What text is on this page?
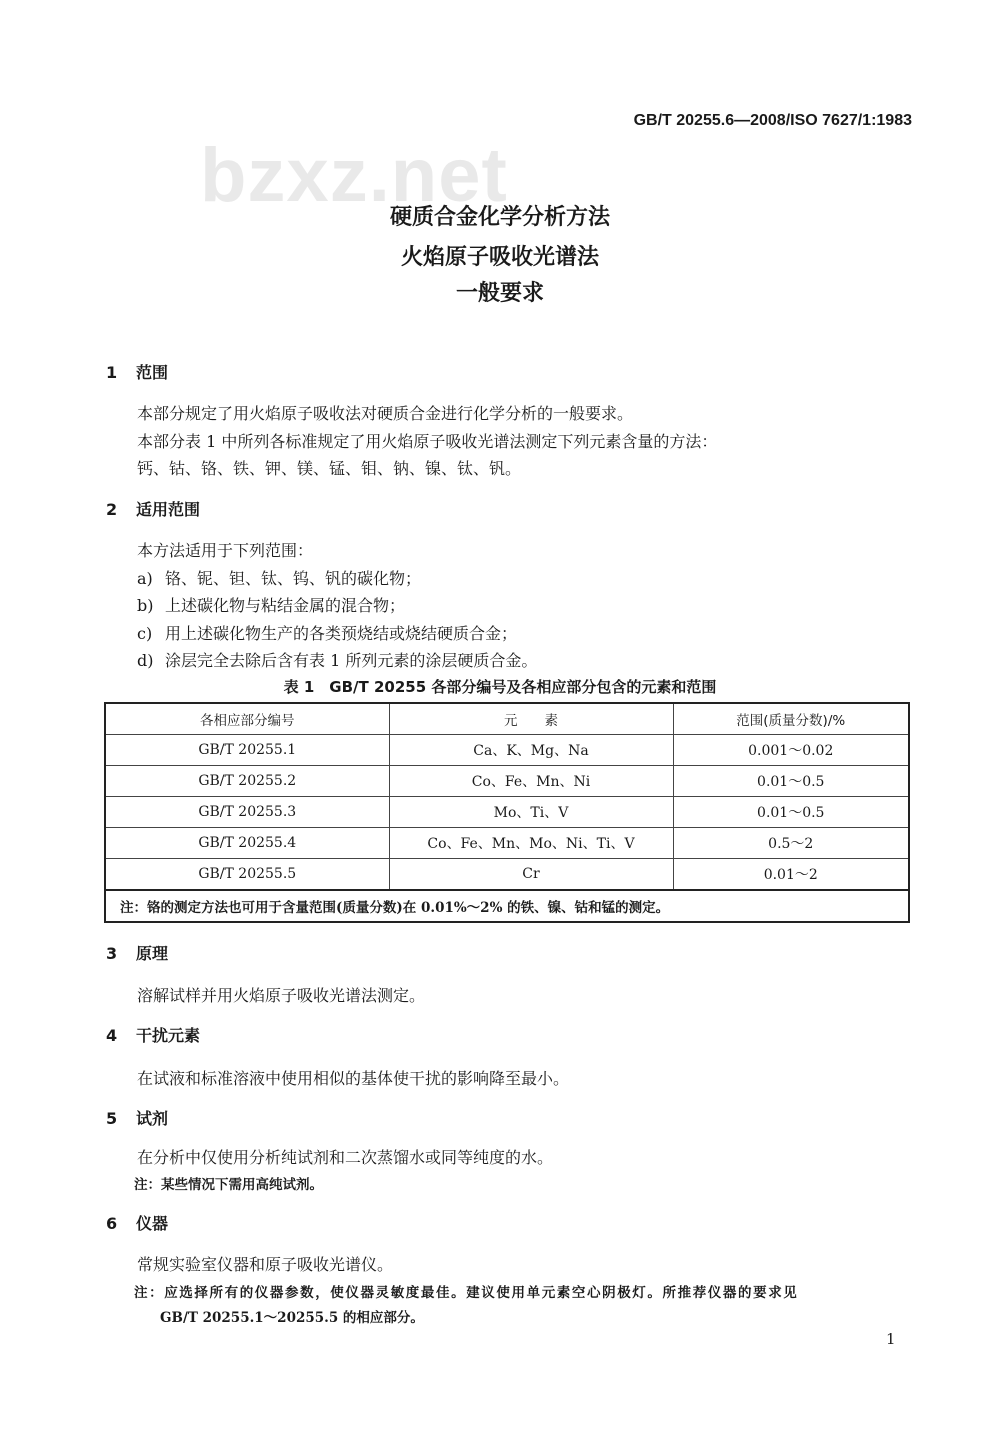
GB/T 20255.6—2008/ISO 7627/1:1983
bzxz.net
硬质合金化学分析方法
火焰原子吸收光谱法
一般要求
1 范围
本部分规定了用火焰原子吸收法对硬质合金进行化学分析的一般要求。
本部分表 1 中所列各标准规定了用火焰原子吸收光谱法测定下列元素含量的方法：
钙、钴、铬、铁、钾、镁、锰、钼、钠、镍、钛、钒。
2 适用范围
本方法适用于下列范围：
a) 铬、铌、钽、钛、钨、钒的碳化物；
b) 上述碳化物与粘结金属的混合物；
c) 用上述碳化物生产的各类预烧结或烧结硬质合金；
d) 涂层完全去除后含有表 1 所列元素的涂层硬质合金。
表 1　GB/T 20255 各部分编号及各相应部分包含的元素和范围
各相应部分编号	元　　素	范围(质量分数)/%
GB/T 20255.1	Ca、K、Mg、Na	0.001～0.02
GB/T 20255.2	Co、Fe、Mn、Ni	0.01～0.5
GB/T 20255.3	Mo、Ti、V	0.01～0.5
GB/T 20255.4	Co、Fe、Mn、Mo、Ni、Ti、V	0.5～2
GB/T 20255.5	Cr	0.01～2
注：铬的测定方法也可用于含量范围(质量分数)在 0.01%～2% 的铁、镍、钴和锰的测定。		
3 原理
溶解试样并用火焰原子吸收光谱法测定。
4 干扰元素
在试液和标准溶液中使用相似的基体使干扰的影响降至最小。
5 试剂
在分析中仅使用分析纯试剂和二次蒸馏水或同等纯度的水。
注：某些情况下需用高纯试剂。
6 仪器
常规实验室仪器和原子吸收光谱仪。
注：应选择所有的仪器参数，使仪器灵敏度最佳。建议使用单元素空心阴极灯。所推荐仪器的要求见
GB/T 20255.1～20255.5 的相应部分。
1
